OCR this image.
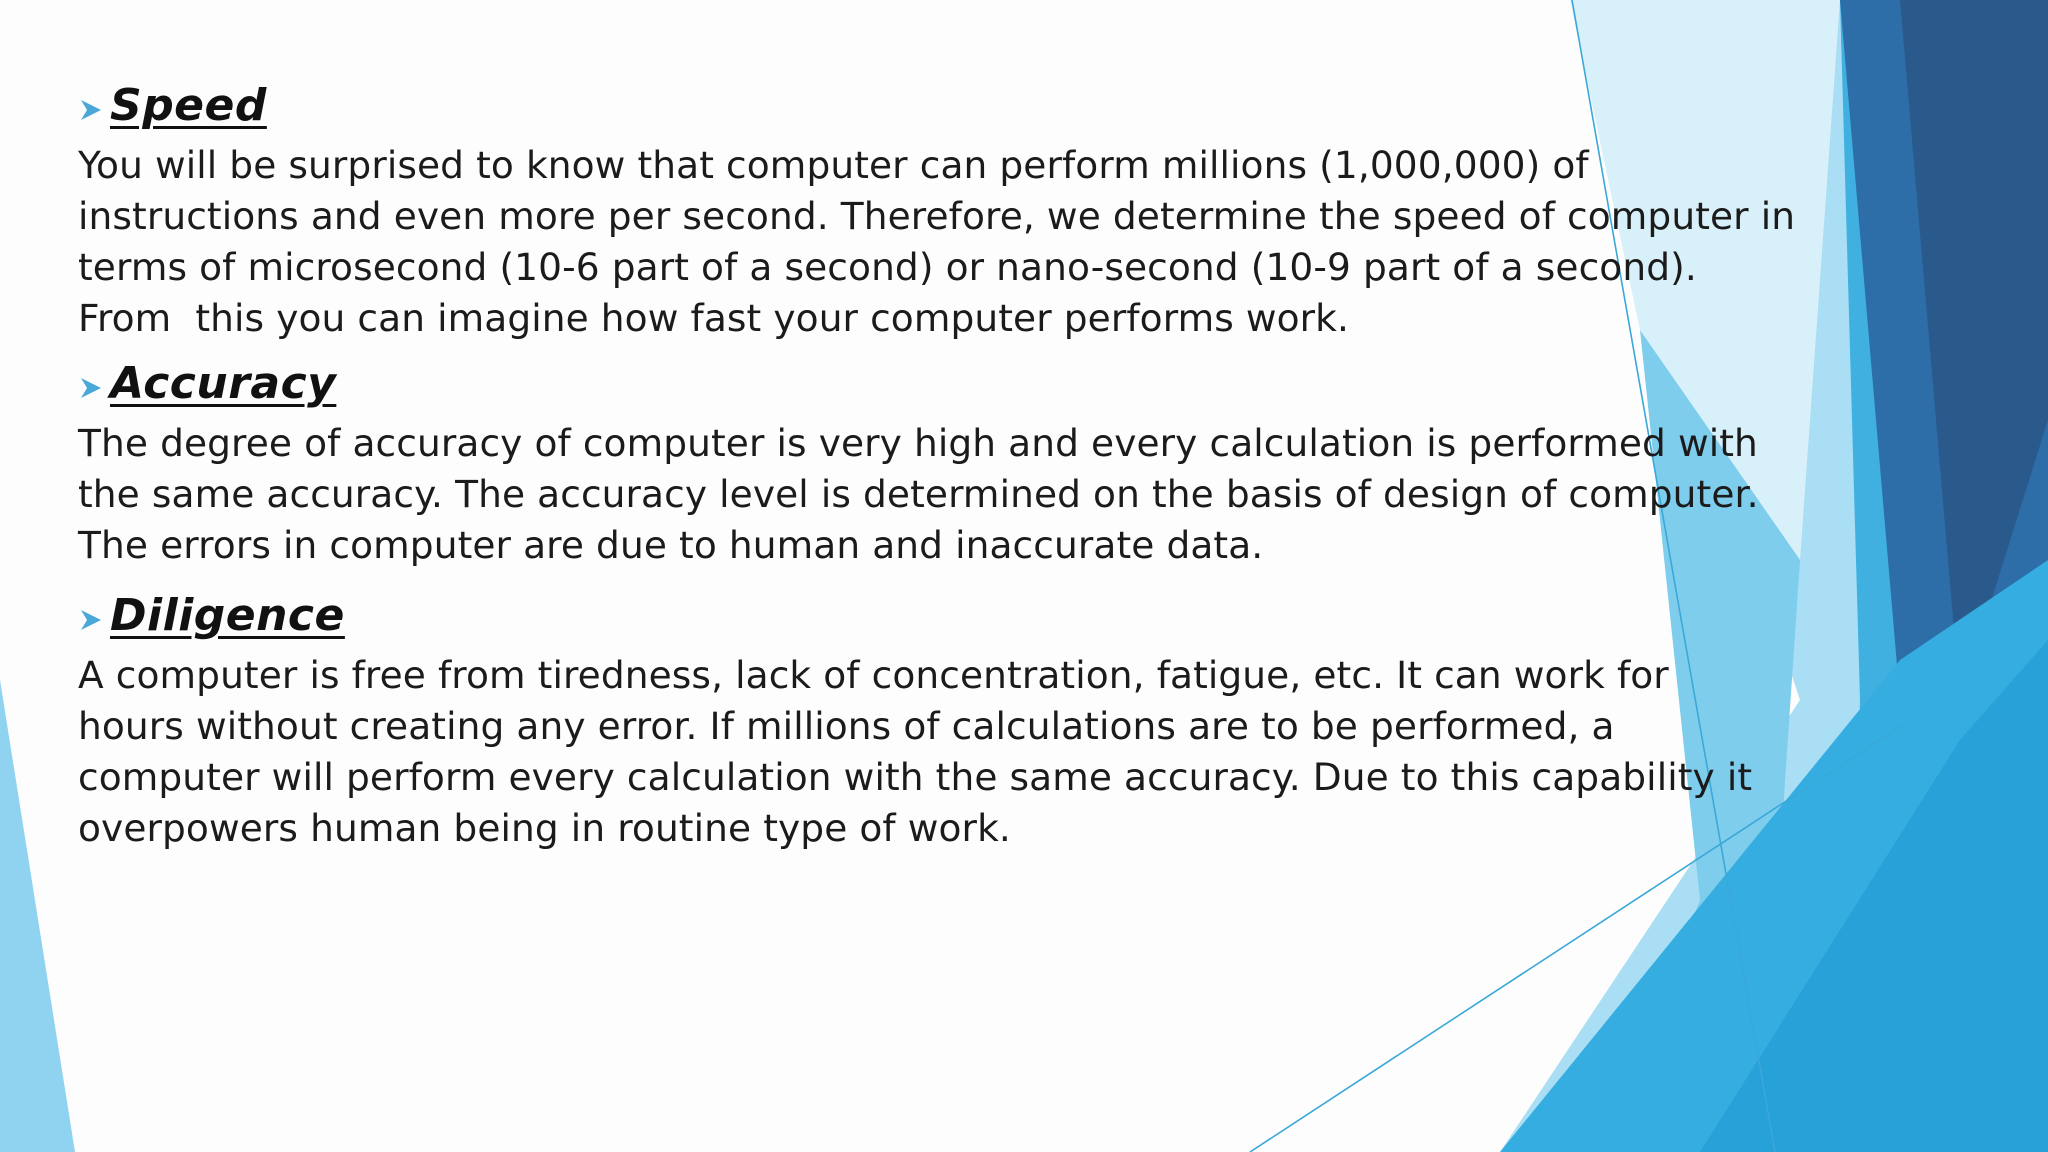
Speed

You will be surprised to know that computer can perform millions (1,000,000) of
instructions and even more per second. Therefore, we determine the speed of computer in
terms of microsecond (10-6 part of a second) or nano-second (10-9 part of a second).
From  this you can imagine how fast your computer performs work.

Accuracy

The degree of accuracy of computer is very high and every calculation is performed with
the same accuracy. The accuracy level is determined on the basis of design of computer.
The errors in computer are due to human and inaccurate data.

Diligence

A computer is free from tiredness, lack of concentration, fatigue, etc. It can work for
hours without creating any error. If millions of calculations are to be performed, a
computer will perform every calculation with the same accuracy. Due to this capability it
overpowers human being in routine type of work.
